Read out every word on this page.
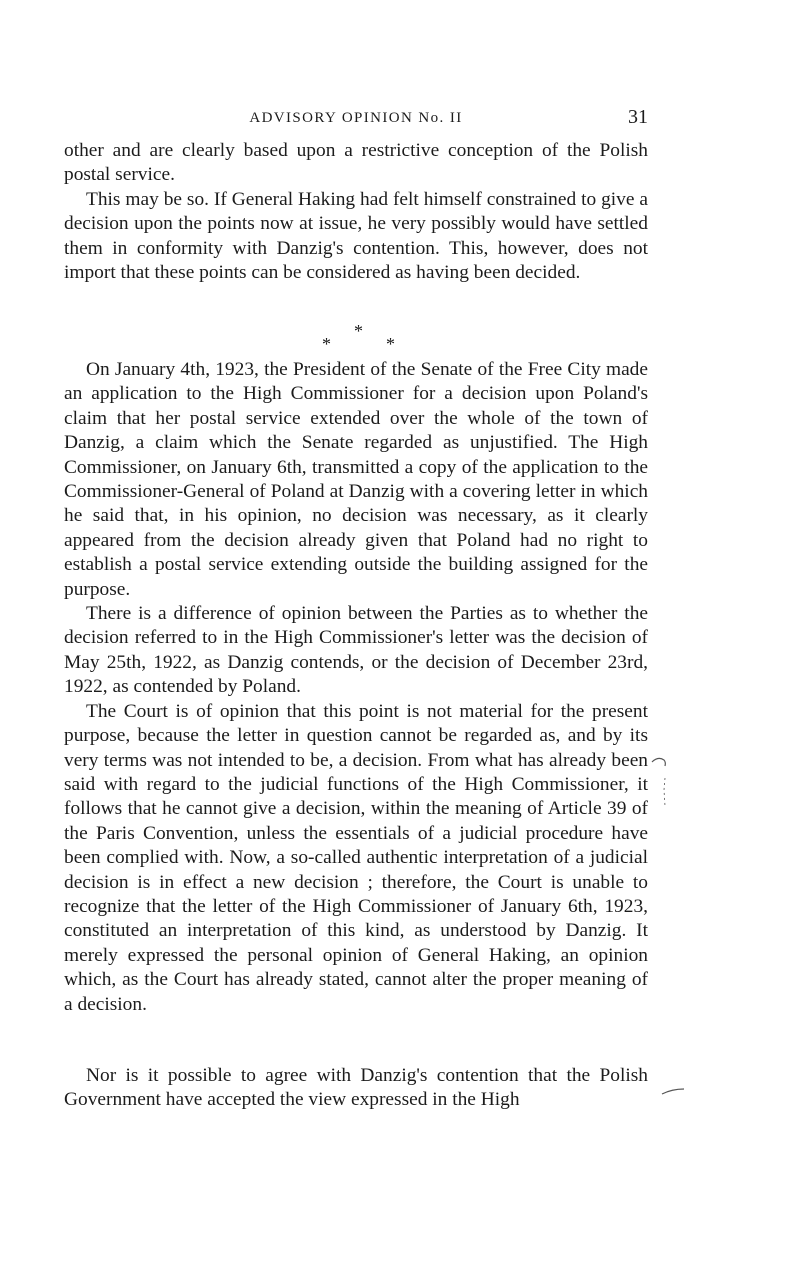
ADVISORY OPINION No. II	31

other and are clearly based upon a restrictive conception of the Polish postal service.

This may be so. If General Haking had felt himself constrained to give a decision upon the points now at issue, he very possibly would have settled them in conformity with Danzig's contention. This, however, does not import that these points can be considered as having been decided.

*
*	*

On January 4th, 1923, the President of the Senate of the Free City made an application to the High Commissioner for a decision upon Poland's claim that her postal service extended over the whole of the town of Danzig, a claim which the Senate regarded as unjustified. The High Commissioner, on January 6th, transmitted a copy of the application to the Commissioner-General of Poland at Danzig with a covering letter in which he said that, in his opinion, no decision was necessary, as it clearly appeared from the decision already given that Poland had no right to establish a postal service extending outside the building assigned for the purpose.

There is a difference of opinion between the Parties as to whether the decision referred to in the High Commissioner's letter was the decision of May 25th, 1922, as Danzig contends, or the decision of December 23rd, 1922, as contended by Poland.

The Court is of opinion that this point is not material for the present purpose, because the letter in question cannot be regarded as, and by its very terms was not intended to be, a decision. From what has already been said with regard to the judicial functions of the High Commissioner, it follows that he cannot give a decision, within the meaning of Article 39 of the Paris Convention, unless the essentials of a judicial procedure have been complied with. Now, a so-called authentic interpretation of a judicial decision is in effect a new decision ; therefore, the Court is unable to recognize that the letter of the High Commissioner of January 6th, 1923, constituted an interpretation of this kind, as understood by Danzig. It merely expressed the personal opinion of General Haking, an opinion which, as the Court has already stated, cannot alter the proper meaning of a decision.

Nor is it possible to agree with Danzig's contention that the Polish Government have accepted the view expressed in the High
